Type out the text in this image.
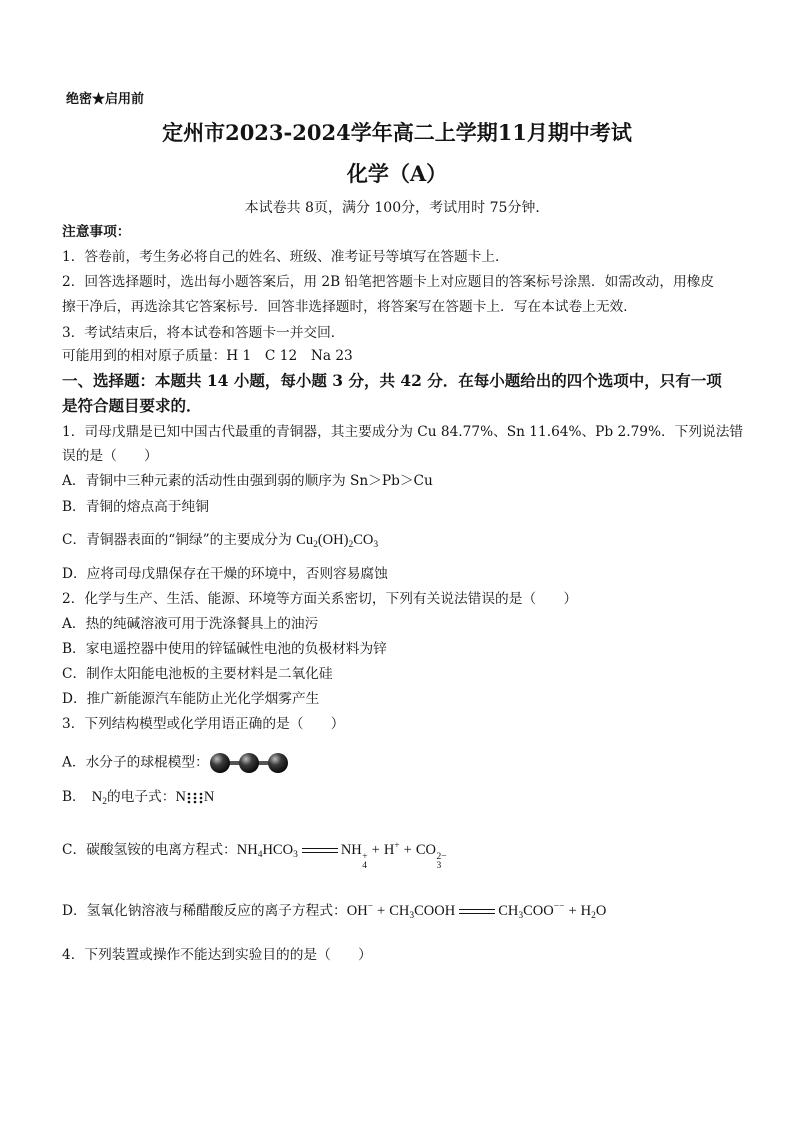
绝密★启用前
定州市2023-2024学年高二上学期11月期中考试
化学（A）
本试卷共 8页，满分 100分，考试用时 75分钟．
注意事项：
1．答卷前，考生务必将自己的姓名、班级、准考证号等填写在答题卡上．
2．回答选择题时，选出每小题答案后，用 2B 铅笔把答题卡上对应题目的答案标号涂黑．如需改动，用橡皮
擦干净后，再选涂其它答案标号．回答非选择题时，将答案写在答题卡上．写在本试卷上无效．
3．考试结束后，将本试卷和答题卡一并交回．
可能用到的相对原子质量：H 1　C 12　Na 23
一、选择题：本题共 14 小题，每小题 3 分，共 42 分．在每小题给出的四个选项中，只有一项
是符合题目要求的．
1．司母戊鼎是已知中国古代最重的青铜器，其主要成分为 Cu 84.77%、Sn 11.64%、Pb 2.79%．下列说法错
误的是（　　）
A．青铜中三种元素的活动性由强到弱的顺序为 Sn＞Pb＞Cu
B．青铜的熔点高于纯铜
C．青铜器表面的“铜绿”的主要成分为 $Cu_2(OH)_2CO_3$
D．应将司母戊鼎保存在干燥的环境中，否则容易腐蚀
2．化学与生产、生活、能源、环境等方面关系密切，下列有关说法错误的是（　　）
A．热的纯碱溶液可用于洗涤餐具上的油污
B．家电遥控器中使用的锌锰碱性电池的负极材料为锌
C．制作太阳能电池板的主要材料是二氧化硅
D．推广新能源汽车能防止光化学烟雾产生
3．下列结构模型或化学用语正确的是（　　）
A．水分子的球棍模型：
B． $N_2$的电子式：N N
C．碳酸氢铵的电离方程式：$NH_4HCO_3$	NH +
4
+ H+ + CO 2−
3
D．氢氧化钠溶液与稀醋酸反应的离子方程式：$OH^- + CH_3COOH$	$CH_3COO^{--} + H_2O$
4．下列装置或操作不能达到实验目的的是（　　）
